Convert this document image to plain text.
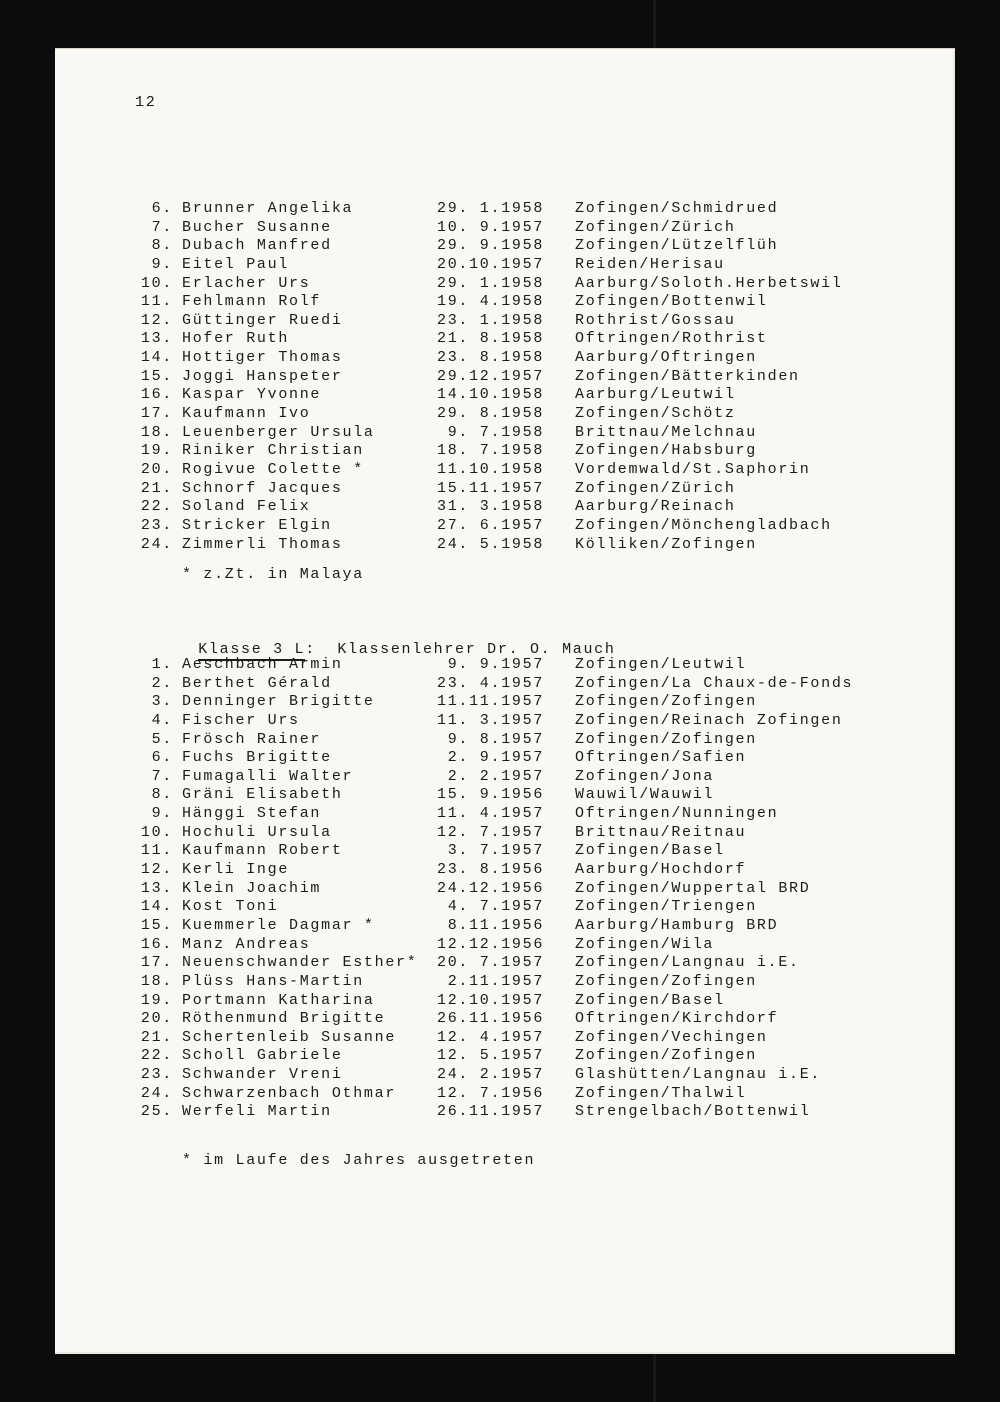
12
6. Brunner Angelika	29. 1.1958	Zofingen/Schmidrued
7. Bucher Susanne	10. 9.1957	Zofingen/Zürich
8. Dubach Manfred	29. 9.1958	Zofingen/Lützelflüh
9. Eitel Paul	20.10.1957	Reiden/Herisau
10. Erlacher Urs	29. 1.1958	Aarburg/Soloth.Herbetswil
11. Fehlmann Rolf	19. 4.1958	Zofingen/Bottenwil
12. Güttinger Ruedi	23. 1.1958	Rothrist/Gossau
13. Hofer Ruth	21. 8.1958	Oftringen/Rothrist
14. Hottiger Thomas	23. 8.1958	Aarburg/Oftringen
15. Joggi Hanspeter	29.12.1957	Zofingen/Bätterkinden
16. Kaspar Yvonne	14.10.1958	Aarburg/Leutwil
17. Kaufmann Ivo	29. 8.1958	Zofingen/Schötz
18. Leuenberger Ursula	9. 7.1958	Brittnau/Melchnau
19. Riniker Christian	18. 7.1958	Zofingen/Habsburg
20. Rogivue Colette *	11.10.1958	Vordemwald/St.Saphorin
21. Schnorf Jacques	15.11.1957	Zofingen/Zürich
22. Soland Felix	31. 3.1958	Aarburg/Reinach
23. Stricker Elgin	27. 6.1957	Zofingen/Mönchengladbach
24. Zimmerli Thomas	24. 5.1958	Kölliken/Zofingen
* z.Zt. in Malaya

Klasse 3 L:  Klassenlehrer Dr. O. Mauch

1. Aeschbach Armin	9. 9.1957	Zofingen/Leutwil
2. Berthet Gérald	23. 4.1957	Zofingen/La Chaux-de-Fonds
3. Denninger Brigitte	11.11.1957	Zofingen/Zofingen
4. Fischer Urs	11. 3.1957	Zofingen/Reinach Zofingen
5. Frösch Rainer	9. 8.1957	Zofingen/Zofingen
6. Fuchs Brigitte	2. 9.1957	Oftringen/Safien
7. Fumagalli Walter	2. 2.1957	Zofingen/Jona
8. Gräni Elisabeth	15. 9.1956	Wauwil/Wauwil
9. Hänggi Stefan	11. 4.1957	Oftringen/Nunningen
10. Hochuli Ursula	12. 7.1957	Brittnau/Reitnau
11. Kaufmann Robert	3. 7.1957	Zofingen/Basel
12. Kerli Inge	23. 8.1956	Aarburg/Hochdorf
13. Klein Joachim	24.12.1956	Zofingen/Wuppertal BRD
14. Kost Toni	4. 7.1957	Zofingen/Triengen
15. Kuemmerle Dagmar *	8.11.1956	Aarburg/Hamburg BRD
16. Manz Andreas	12.12.1956	Zofingen/Wila
17. Neuenschwander Esther*	20. 7.1957	Zofingen/Langnau i.E.
18. Plüss Hans-Martin	2.11.1957	Zofingen/Zofingen
19. Portmann Katharina	12.10.1957	Zofingen/Basel
20. Röthenmund Brigitte	26.11.1956	Oftringen/Kirchdorf
21. Schertenleib Susanne	12. 4.1957	Zofingen/Vechingen
22. Scholl Gabriele	12. 5.1957	Zofingen/Zofingen
23. Schwander Vreni	24. 2.1957	Glashütten/Langnau i.E.
24. Schwarzenbach Othmar	12. 7.1956	Zofingen/Thalwil
25. Werfeli Martin	26.11.1957	Strengelbach/Bottenwil
* im Laufe des Jahres ausgetreten
